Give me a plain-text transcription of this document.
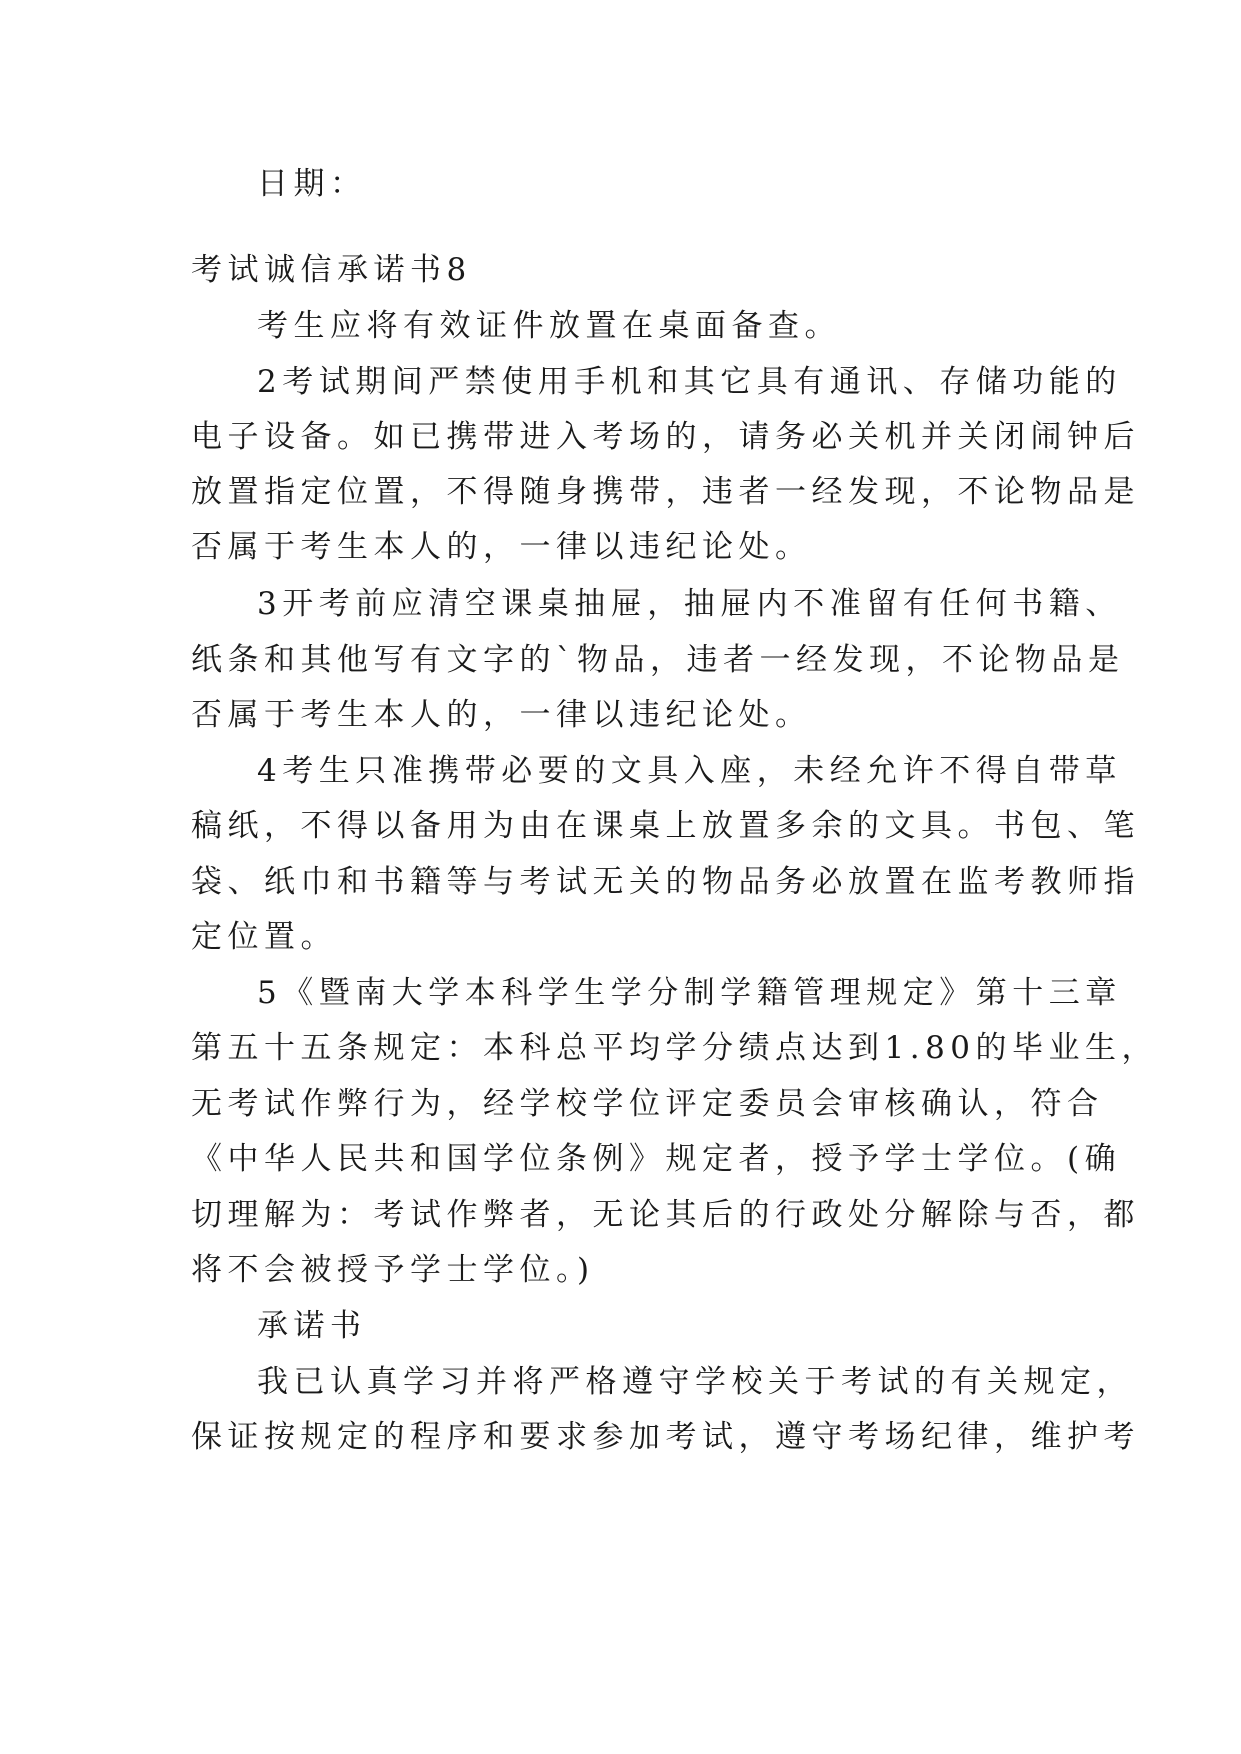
日期：
考试诚信承诺书8
考生应将有效证件放置在桌面备查。
2考试期间严禁使用手机和其它具有通讯、存储功能的
电子设备。如已携带进入考场的，请务必关机并关闭闹钟后
放置指定位置，不得随身携带，违者一经发现，不论物品是
否属于考生本人的，一律以违纪论处。
3开考前应清空课桌抽屉，抽屉内不准留有任何书籍、
纸条和其他写有文字的`物品，违者一经发现，不论物品是
否属于考生本人的，一律以违纪论处。
4考生只准携带必要的文具入座，未经允许不得自带草
稿纸，不得以备用为由在课桌上放置多余的文具。书包、笔
袋、纸巾和书籍等与考试无关的物品务必放置在监考教师指
定位置。
5《暨南大学本科学生学分制学籍管理规定》第十三章
第五十五条规定：本科总平均学分绩点达到1.80的毕业生，
无考试作弊行为，经学校学位评定委员会审核确认，符合
《中华人民共和国学位条例》规定者，授予学士学位。(确
切理解为：考试作弊者，无论其后的行政处分解除与否，都
将不会被授予学士学位。)
承诺书
我已认真学习并将严格遵守学校关于考试的有关规定，
保证按规定的程序和要求参加考试，遵守考场纪律，维护考
